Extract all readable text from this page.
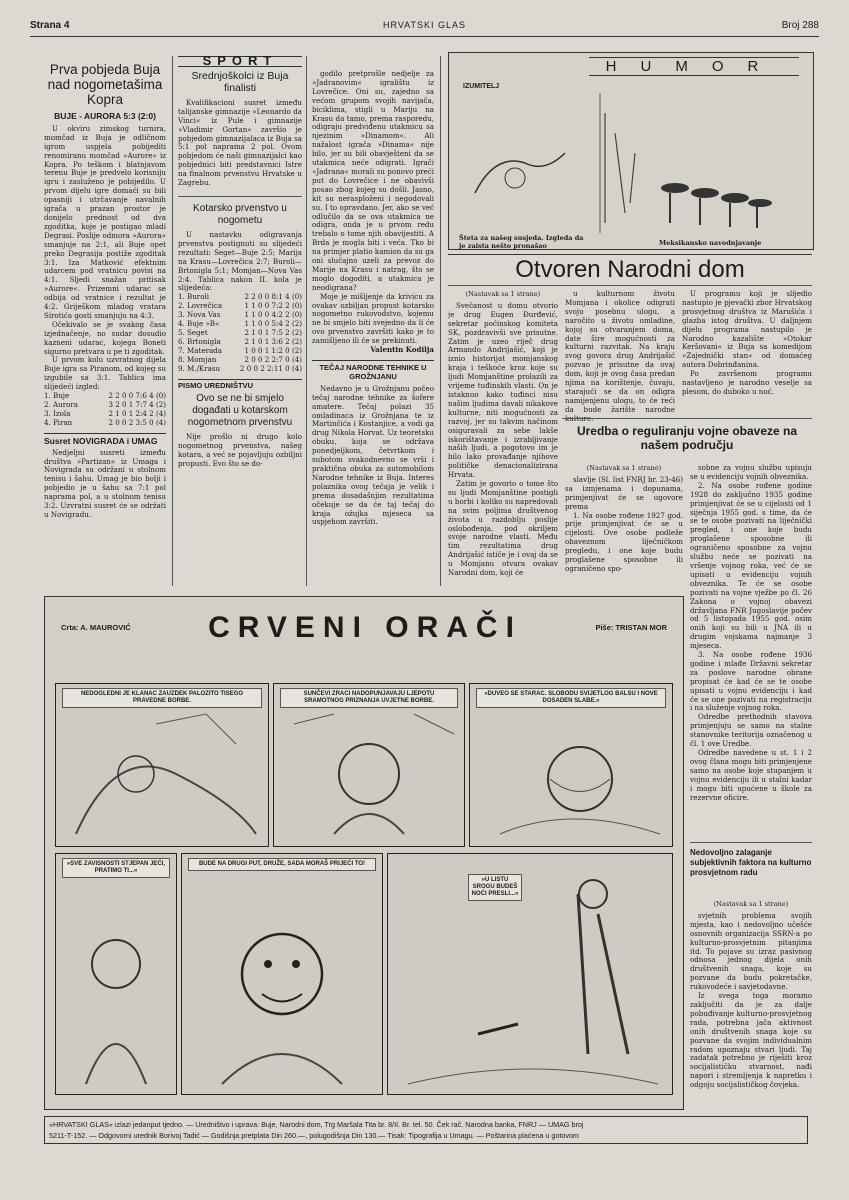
Strana 4	HRVATSKI GLAS	Broj 288
Prva pobjeda Buja nad nogometašima Kopra
BUJE - AURORA 5:3 (2:0)

U okviru zimskog turnira, momčad iz Buja je odličnom igrom uspjela pobijediti renomiranu momčad »Aurore« iz Kopra. Po teškom i blatnjavom terenu Buje je predvelo korisniju igru i zasluženo je pobijedilo. U prvom dijelu igre domaći su bili opasniji i utrčavanje navalnih igrača u prazan prostor je donijelo prednost od dva zgoditka, koje je postigao mladi Degrasi. Poslije odmora »Aurora« smanjuje na 2:1, ali Buje opet preko Degrasija postiže zgoditak 3:1. Iza Matković efektnim udarcem pod vratnicu povisi na 4:1. Sljedi snažan pritisak »Aurore«. Prizemni udarac se odbija od vratnice i rezultat je 4:2. Griješkom mladog vratara Sirotića gosti smanjuju na 4:3.

Očekivalo se je svakog časa izjednačenje, no sudar dosudio kazneni udarac, kojega Boneti sigurno pretvara u pe ti zgoditak.

U prvom kolu uzvratnog dijela Buje igra sa Piranom, od kojeg su izgubile sa 3:1. Tablica ima slijedeći izgled:

1. Buje	2 2 0 0 7:6 4 (0)
2. Aurora	3 2 0 1 7:7 4 (2)
3. Izola	2 1 0 1 2:4 2 (4)
4. Piran	2 0 0 2 3:5 0 (4)
Susret NOVIGRADA i UMAG

Nedjeljni susreti između društva »Partizan« iz Umaga i Novigrada su održani u stolnom tenisu i šahu. Umag je bio bolji i pobjedio je u šahu sa 7:1 pol naprama pol, a u stolnom tenisu 3:2. Uzvratni susret će se održati u Novigradu.

SPORT
Srednjoškolci iz Buja finalisti

Kvalifikacioni susret između talijanske gimnazije »Leonardo da Vinci« iz Pule i gimnazije »Vladimir Gortan« završio je pobjedom gimnazijalaca iz Buja sa 5:1 pol naprama 2 pol. Ovom pobjedom će naši gimnazijalci kao pobjednici biti predstavnici Istre na finalnom prvenstvu Hrvatske u Zagrebu.

Kotarsko prvenstvo u nogometu

U nastavku odigravanja prvenstva postignuti su slijedeći rezultati: Seget—Buje 2:5; Marija na Krasu—Lovrečica 2:7; Buroli—Brtonigla 5:1; Momjan—Nova Vas 2:4. Tablica nakon II. kola je slijedeća:

1. Buroli	2 2 0 0 8:1 4 (0)
2. Lovrečica	1 1 0 0 7:2 2 (0)
3. Nova Vas	1 1 0 0 4:2 2 (0)
4. Buje »B«	1 1 0 0 5:4 2 (2)
5. Seget	2 1 0 1 7:5 2 (2)
6. Brtonigla	2 1 0 1 3:6 2 (2)
7. Materada	1 0 0 1 1:2 0 (2)
8. Momjan	2 0 0 2 2:7 0 (4)
9. M./Krasu	2 0 0 2 2:11 0 (4)
PISMO UREDNIŠTVU
Ovo se ne bi smjelo događati u kotarskom nogometnom prvenstvu

Nije prošlo ni drugo kolo nogometnog prvenstva, našeg kotara, a već se pojavljuju ozbiljni propusti. Evo što se do-

godilo pretprošle nedjelje za »Jadranovim« igralištu iz Lovrečice. Oni su, zajedno sa većom grupom svojih navijača, biciklima, stigli u Mariju na Krasu da tamo, prema rasporedu, odigraju predviđenu utakmicu sa njezinim »Dinamom«. Ali nažalost igrača »Dinama« nije bilo, jer su bili obavješteni da se utakmica neće odigrati. Igrači »Jadrana« morali su ponovo preći put do Lovrečice i ne obavivši posao zbog kojeg su došli. Jasno, kit su nerasploženi i negodovali su. I to opravdano. Jer, ako se već odlučilo da se ova utakmica ne odigra, onda je u prvom redu trebalo o tome njih obavijestiti. A Brda je mogla biti i veća. Tko bi na primjer platio kamion da su ga oni slučajno uzeli za prevoz do Marije na Krasu i natrag, što se moglo dogoditi, a utakmica je neodigrana?

Moje je mišljenje da krivicu za ovakav ozbiljan propust kotarsko nogometno rukovodstvo, kojemu ne bi smjelo biti svejedno da li će ovo prvenstvo završiti kako je to zamišljeno ili će se prekinuti.

Valentin Kodilja
TEČAJ NARODNE TEHNIKE U GROŽNJANU

Nedavno je u Grožnjanu počeo tečaj narodne tehnike za šofere amatere. Tečaj polazi 35 omladinaca iz Grožnjana te iz Martinčića i Kostanjice, a vodi ga drug Nikola Horvat. Uz teoretsku obuku, koja se održava ponedjeljkom, četvrtkom i subotom svakodnevno se vrši i praktična obuka za automobilom Narodne tehnike iz Buja. Interes polaznika ovog tečaja je velik i prema dosadašnjim rezultatima očekuje se da će taj tečaj do kraja ožujka mjeseca sa uspjehom završiti.

HUMOR
IZUMITELJ
Šteta za našeg susjeda. Izgleda da je zaista nešto pronašao	Meksikansko navodnjavanje
Otvoren Narodni dom
(Nastavak sa 1 strane)

Svečanost u domu otvorio je drug Eugen Đurđević, sekretar poćinskog komiteta SK, pozdravivši sve prisutne. Zatim je uzeo riječ drug Armando Andrijašić, koji je iznio historijat momjanskog kraja i teškoće kroz koje su ljudi Momjanštine prolazili za vrijeme tuđinskih vlasti. On je istaknuo kako tuđinci nisu našim ljudima davali nikakove kulturne, niti mogućnosti za razvoj, jer su takvim načinom osiguravali za sebe lakše iskorištavanje i izrabljivanje naših ljudi, a pogotovo im je bilo lako provađanje njihove političke denacionalizirana Hrvata.

Zatim je govorio o tome što su ljudi Momjanštine postigli u borbi i koliko su napredovali na svim poljima društvenog života u razdoblju poslije oslobođenja, pod okriljem svoje narodne vlasti. Među tim rezultatima drug Andrijašić ističe je i ovaj da se u Momjanu otvara ovakav Narodni dom, koji će

u kulturnom životu Momjana i okolice odigrati svoju posebnu ulogu, a naročito u životu omladine, kojoj su otvaranjem doma, date šire mogućnosti za kulturni razvitak. Na kraju svog govora drug Andrijašić pozvao je prisutne da ovaj dom, koji je ovog časa predan njima na korištenje, čuvaju, starajući se da on odigra namijenjenu ulogu, to će reći da bude žarište narodne kulture.

U programu koji je slijedio nastupio je pjevački zbor Hrvatskog prosvjetnog društva iz Marušića i glazba istog društva. U daljnjem dijelu programa nastupilo je Narodno kazalište »Otokar Keršovani« iz Buja sa komedijom »Zajednički stan« od domaćeg autora Dobrinđanina.

Po završenom programu nastavljeno je narodno veselje sa plesom, do duboko u noć.

Uredba o reguliranju vojne obaveze na našem području
(Nastavak sa 1 strane)

slavlje (Sl. list FNRJ br. 23-46) sa izmjenama i dopunama, primjenjivat će se ugovore prema

1. Na osobe rođene 1927 god. prije primjenjivat će se u cijelosti. Ove osobe podleže obaveznom liječničkom pregledu, i one koje budu proglašene sposobne ili ograničeno spo-

sobne za vojnu službu upisuju se u evidenciju vojnih obveznika.

2. Na osobe rođene godine 1928 do zaključno 1935 godine primjenjivat će se u cijelosti od 1 siječnja 1955 god. s time, da će se te osobe pozivati na liječnički pregled, i one koje budu proglašene sposobne ili ograničeno sposobne za vojnu službu neće se pozivati na vršenje vojnog roka, već će se upisati u evidenciju vojnih obveznika. Te će se osobe pozivati na vojne vježbe po čl. 26 Zakona o vojnoj obavezi državljana FNR Jugoslavije počev od 5 listopada 1955 god. osim onih koji su bili u JNA ili u drugim vojskama najmanje 3 mjeseca.

3. Na osobe rođene 1936 godine i mlađe Državni sekretar za poslove narodne obrane propisat će kad će se te osobe upisati u vojnu evidenciju i kad će se one pozivati na registraciju i na služenje vojnog roka.

Odredbe prethodnih stavova primjenjuju se samo na stalne stanovnike teritorija označenog u čl. 1 ove Uredbe.

Odredbe navedene u st. 1 i 2 ovog člana mogu biti primjenjene samo na osobe koje stupanjem u vojnu evidenciju ili u stalni kadar i mogu biti upućene u škole za rezervne oficire.

Crta: A. MAUROVIĆ	CRVENI ORAČI	Piše: TRISTAN MOR
NEDOGLEDNI JE KLANAC ZAUZDEK PALOZITO TISEGO PRAVEDNE BORBE.
SUNČEVI ZRACI NADOPUNJAVAJU LJEPOTU SRAMOTNOG PRIZNANJA UVJETNE BORBE.
»DUVEO SE STARAC. SLOBODU SVIJETLOG BALSU I NOVE DOSADEN SLABE.«
»SVE ZAVISNOSTI STJEPAN JEĆI, PRATIMO TI...«
BUDE NA DRUGI PUT, DRUŽE, SADA MORAŠ PRIJEĆI TO!
»U LISTU SROGU BUDEŠ NOĆI PRESLI...«
Nedovoljno zalaganje subjektivnih faktora na kulturno prosvjetnom radu
(Nastavak sa 1 strane)

svjetnih problema svojih mjesta, kao i nedovoljno učešće osnovnih organizacija SSRN-a po kulturno-prosvjetnim pitanjima itd. To pojave su izraz pasivnog odnosa jednog dijela onih društvenih snaga, koje su pozvane da budu pokretačke, rukovodeće i savjetodavne.

Iz svega toga moramo zaključiti da je za dalje pobuđivanje kulturno-prosvjetnog rada, potrebna jača aktivnost onih društvenih snaga koje su pozvane da svojim individualnim radom upoznaju stvari ljudi. Taj zadatak potrebno je riješiti kroz socijalističku stvarnost, nađi napori i stremljenja k napretku i odgoju socijalističkog čovjeka.

»HRVATSKI GLAS« izlazi jedanput tjedno. — Uredništvo i uprava: Buje, Narodni dom, Trg Maršala Tita br. 8/II. Br. tel. 50. Ček rač. Narodna banka, FNRJ — UMAG broj
5211-T-152. — Odgovorni urednik Borivoj Tadić — Godišnja pretplata Din 260.—, polugodišnja Din 130.— Tisak: Tipografija u Umagu. — Poštarina plaćena u gotovom
